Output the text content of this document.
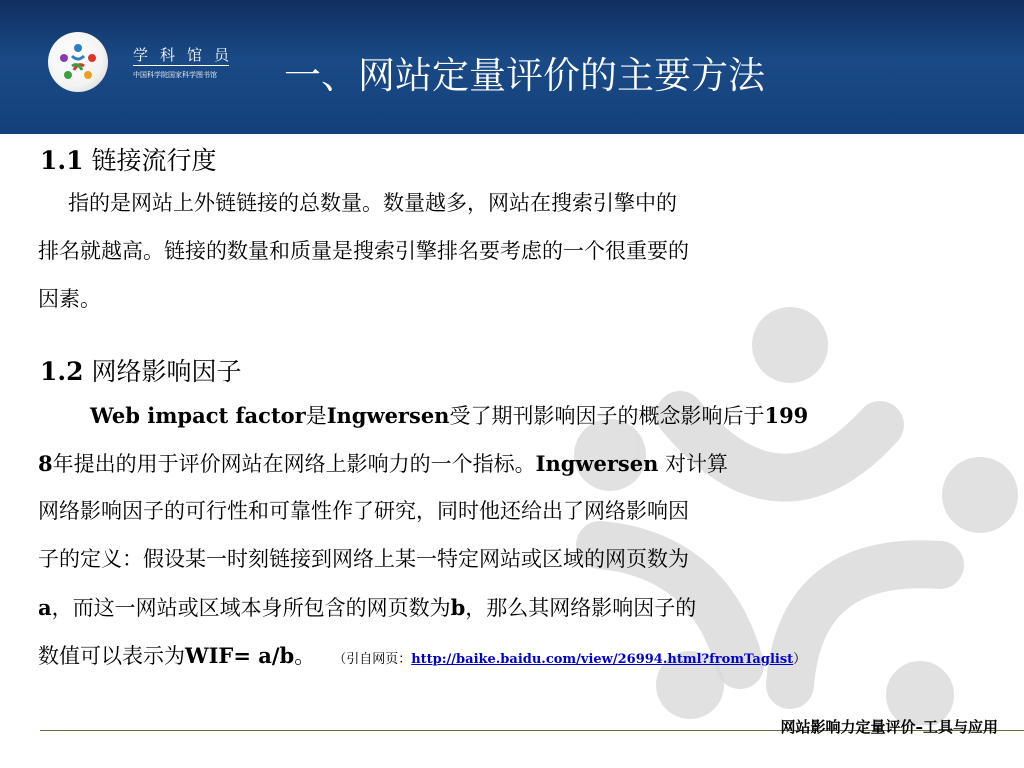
学科馆员
中国科学院国家科学图书馆 一、网站定量评价的主要方法
1.1 链接流行度
指的是网站上外链链接的总数量。数量越多，网站在搜索引擎中的
排名就越高。链接的数量和质量是搜索引擎排名要考虑的一个很重要的
因素。
1.2 网络影响因子
Web impact factor是Ingwersen受了期刊影响因子的概念影响后于199
8年提出的用于评价网站在网络上影响力的一个指标。Ingwersen 对计算
网络影响因子的可行性和可靠性作了研究，同时他还给出了网络影响因
子的定义：假设某一时刻链接到网络上某一特定网站或区域的网页数为
a，而这一网站或区域本身所包含的网页数为b，那么其网络影响因子的
数值可以表示为WIF= a/b。 （引自网页：http://baike.baidu.com/view/26994.html?fromTaglist）
网站影响力定量评价–工具与应用
